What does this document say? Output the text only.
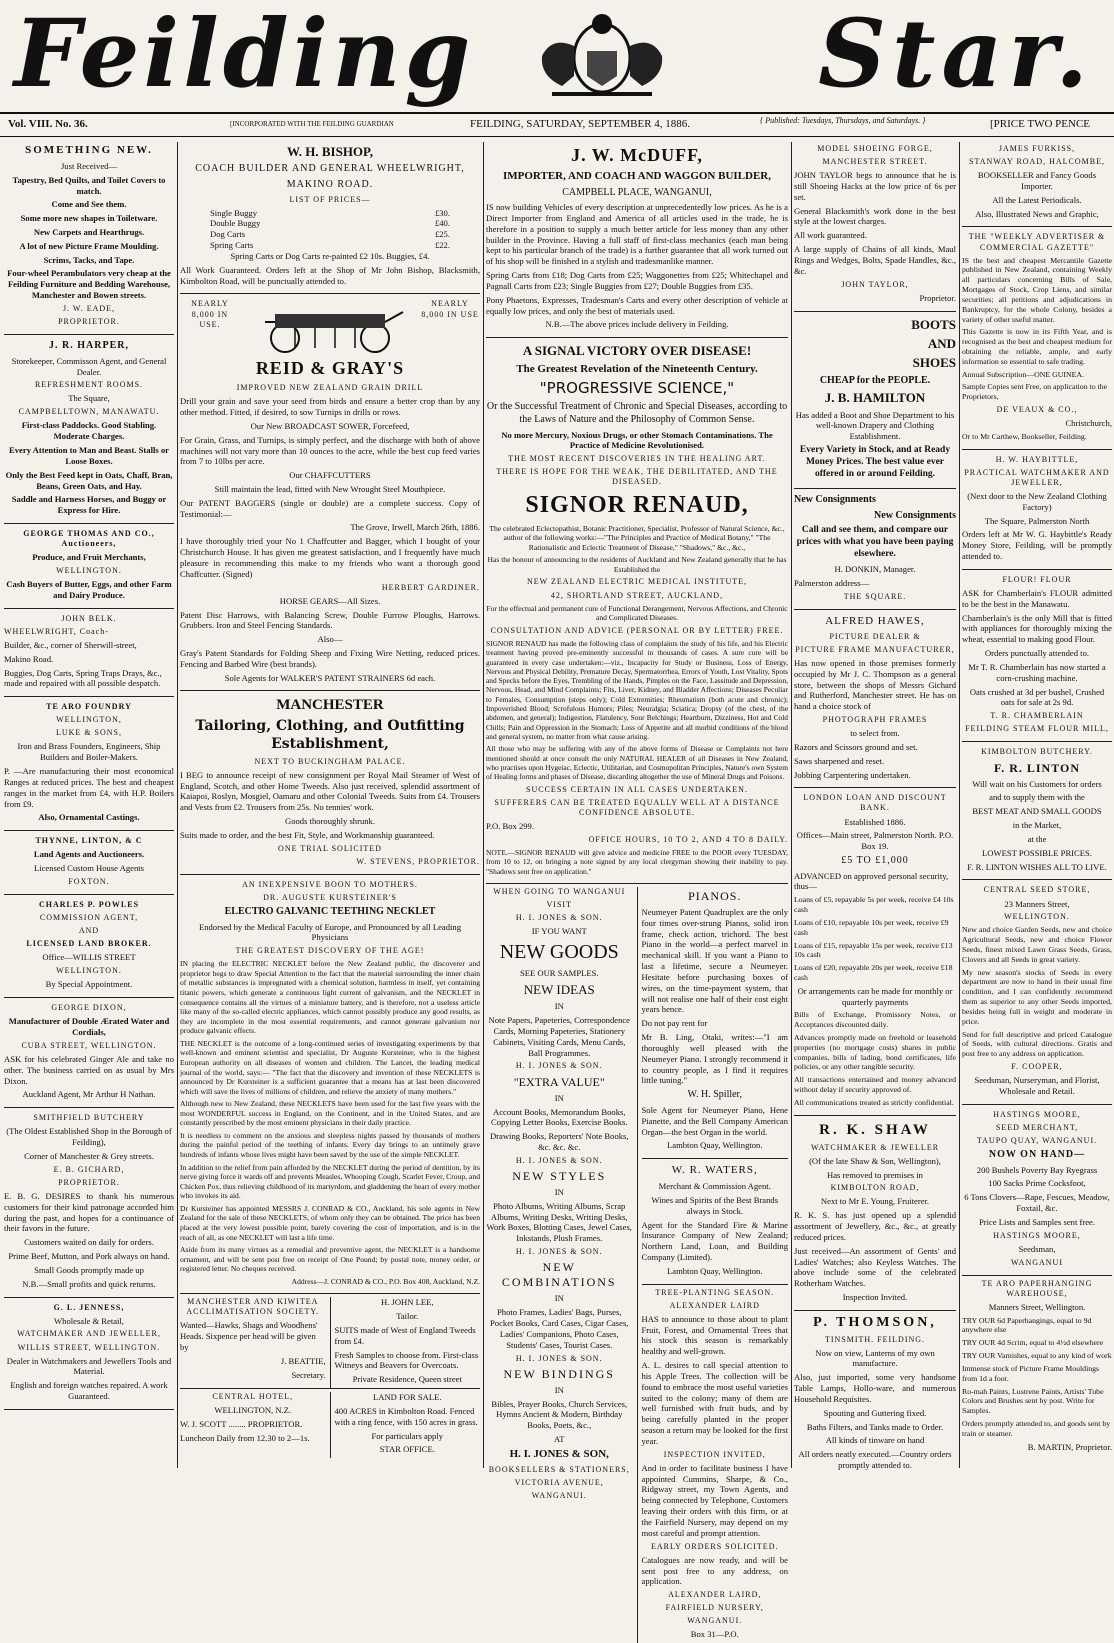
Feilding	Star.
Vol. VIII. No. 36.	[INCORPORATED WITH THE FEILDING GUARDIAN	FEILDING, SATURDAY, SEPTEMBER 4, 1886.	{ Published: Tuesdays, Thursdays, and Saturdays. }	[PRICE TWO PENCE

SOMETHING NEW.

Just Received—

Tapestry, Bed Quilts, and Toilet Covers to match.

Come and See them.

Some more new shapes in Toiletware.

New Carpets and Hearthrugs.

A lot of new Picture Frame Moulding.

Scrims, Tacks, and Tape.

Four-wheel Perambulators very cheap at the Feilding Furniture and Bedding Warehouse, Manchester and Bowen streets.

J. W. EADE,

PROPRIETOR.

J. R. HARPER,

Storekeeper, Commisson Agent, and General Dealer.

REFRESHMENT ROOMS.

The Square,

CAMPBELLTOWN, MANAWATU.

First-class Paddocks. Good Stabling. Moderate Charges.

Every Attention to Man and Beast. Stalls or Loose Boxes.

Only the Best Feed kept in Oats, Chaff, Bran, Beans, Green Oats, and Hay.

Saddle and Harness Horses, and Buggy or Express for Hire.

GEORGE THOMAS AND CO., Auctioneers,

Produce, and Fruit Merchants,

WELLINGTON.

Cash Buyers of Butter, Eggs, and other Farm and Dairy Produce.

JOHN BELK.

WHEELWRIGHT, Coach-

Builder, &c., corner of Sherwill-street,

Makino Road.

Buggies, Dog Carts, Spring Traps Drays, &c., made and repaired with all possible despatch.

TE ARO FOUNDRY

WELLINGTON,

LUKE & SONS,

Iron and Brass Founders, Engineers, Ship Builders and Boiler-Makers.

P. —Are manufacturing their most economical Ranges at reduced prices. The best and cheapest ranges in the market from £4, with H.P. Boilers from £9.

Also, Ornamental Castings.

THYNNE, LINTON, & C

Land Agents and Auctioneers.

Licensed Custom House Agents

FOXTON.

CHARLES P. POWLES

COMMISSION AGENT,

AND

LICENSED LAND BROKER.

Office—WILLIS STREET

WELLINGTON.

By Special Appointment.

GEORGE DIXON,

Manufacturer of Double Ærated Water and Cordials,

CUBA STREET, WELLINGTON.

ASK for his celebrated Ginger Ale and take no other. The business carried on as usual by Mrs Dixon.

Auckland Agent, Mr Arthur H Nathan.

SMITHFIELD BUTCHERY

(The Oldest Established Shop in the Borough of Feilding),

Corner of Manchester & Grey streets.

E. B. GICHARD,

PROPRIETOR.

E. B. G. DESIRES to thank his numerous customers for their kind patronage accorded him during the past, and hopes for a continuance of their favors in the future.

Customers waited on daily for orders.

Prime Beef, Mutton, and Pork always on hand.

Small Goods promptly made up

N.B.—Small profits and quick returns.

G. L. JENNESS,

Wholesale & Retail,

WATCHMAKER AND JEWELLER,

WILLIS STREET, WELLINGTON.

Dealer in Watchmakers and Jewellers Tools and Material.

English and foreign watches repaired. A work Guaranteed.

W. H. BISHOP,

COACH BUILDER AND GENERAL WHEELWRIGHT,

MAKINO ROAD.

LIST OF PRICES—

Single Buggy	£30.
Double Buggy	£40.
Dog Carts	£25.
Spring Carts	£22.

Spring Carts or Dog Carts re-painted £2 10s. Buggies, £4.

All Work Guaranteed. Orders left at the Shop of Mr John Bishop, Blacksmith, Kimbolton Road, will be punctually attended to.

NEARLY 8,000 IN USE.
NEARLY 8,000 IN USE

REID & GRAY'S

IMPROVED NEW ZEALAND GRAIN DRILL

Drill your grain and save your seed from birds and ensure a better crop than by any other method. Fitted, if desired, to sow Turnips in drills or rows.

Our New BROADCAST SOWER, Forcefeed,

For Grain, Grass, and Turnips, is simply perfect, and the discharge with both of above machines will not vary more than 10 ounces to the acre, while the best cup feed varies from 7 to 10lbs per acre.

Our CHAFFCUTTERS

Still maintain the lead, fitted with New Wrought Steel Mouthpiece.

Our PATENT BAGGERS (single or double) are a complete success. Copy of Testimonial:—

The Grove, Irwell, March 26th, 1886.

I have thoroughly tried your No 1 Chaffcutter and Bagger, which I bought of your Christchurch House. It has given me greatest satisfaction, and I frequently have much pleasure in recommending this make to my friends who want a thorough good Chaffcutter. (Signed)

HERBERT GARDINER.

HORSE GEARS—All Sizes.

Patent Disc Harrows, with Balancing Screw, Double Furrow Ploughs, Harrows. Grubbers. Iron and Steel Fencing Standards.

Also—

Gray's Patent Standards for Folding Sheep and Fixing Wire Netting, reduced prices. Fencing and Barbed Wire (best brands).

Sole Agents for WALKER'S PATENT STRAINERS 6d each.

MANCHESTER

Tailoring, Clothing, and Outfitting Establishment,

NEXT TO BUCKINGHAM PALACE.

I BEG to announce receipt of new consignment per Royal Mail Steamer of West of England, Scotch, and other Home Tweeds. Also just received, splendid assortment of Kaiapoi, Roslyn, Mosgiel, Oamaru and other Colonial Tweeds. Suits from £4. Trousers and Vests from £2. Trousers from 25s. No tennies' work.

Goods thoroughly shrunk.

Suits made to order, and the best Fit, Style, and Workmanship guaranteed.

ONE TRIAL SOLICITED

W. STEVENS, PROPRIETOR.

AN INEXPENSIVE BOON TO MOTHERS.

DR. AUGUSTE KURSTEINER'S

ELECTRO GALVANIC TEETHING NECKLET

Endorsed by the Medical Faculty of Europe, and Pronounced by all Leading Physicians

THE GREATEST DISCOVERY OF THE AGE!

IN placing the ELECTRIC NECKLET before the New Zealand public, the discoverer and proprietor begs to draw Special Attention to the fact that the material surrounding the inner chain of metallic substances is impregnated with a chemical solution, harmless in itself, yet containing titanic powers, which generate a continuous light current of galvanism, and the NECKLET in consequence contains all the virtues of a miniature battery, and is therefore, not a useless article like many of the so-called electric appliances, which cannot possibly produce any good results, as they are incomplete in the most essential requirements, and cannot generate galvanism nor produce galvanic effects.

THE NECKLET is the outcome of a long-continued series of investigating experiments by that well-known and eminent scientist and specialist, Dr Auguste Kursteiner, who is the highest European authority on all diseases of women and children. The Lancet, the leading medical journal of the world, says:— "The fact that the discovery and invention of these NECKLETS is announced by Dr Kursteiner is a sufficient guarantee that a means has at last been discovered which will save the lives of millions of children, and relieve the anxiety of many mothers."

Although new to New Zealand, these NECKLETS have been used for the last five years with the most WONDERFUL success in England, on the Continent, and in the United States, and are constantly prescribed by the most eminent physicians in their daily practice.

It is needless to comment on the anxious and sleepless nights passed by thousands of mothers during the painful period of the teething of infants. Every day brings to an untimely grave hundreds of infants whose lives might have been saved by the use of the simple NECKLET.

In addition to the relief from pain afforded by the NECKLET during the period of dentition, by its nerve giving force it wards off and prevents Measles, Whooping Cough, Scarlet Fever, Croup, and Chicken Pox, thus relieving childhood of its martyrdom, and gladdening the heart of every mother who invokes its aid.

Dr Kursteiner has appointed MESSRS J. CONRAD & CO., Auckland, his sole agents in New Zealand for the sale of these NECKLETS, of whom only they can be obtained. The price has been placed at the very lowest possible point, barely covering the cost of importation, and is in the reach of all, as one NECKLET will last a life time.

Aside from its many virtues as a remedial and preventive agent, the NECKLET is a handsome ornament, and will be sent post free on receipt of One Pound; by postal note, money order, or registered letter. No cheques received.

Address—J. CONRAD & CO., P.O. Box 408, Auckland, N.Z.

MANCHESTER AND KIWITEA ACCLIMATISATION SOCIETY.

Wanted—Hawks, Shags and Woodhens' Heads. Sixpence per head will be given by

J. BEATTIE,

Secretary.

H. JOHN LEE,

Tailor.

SUITS made of West of England Tweeds from £4.

Fresh Samples to choose from. First-class Witneys and Beavers for Overcoats.

Private Residence, Queen street

CENTRAL HOTEL,

WELLINGTON, N.Z.

W. J. SCOTT ........ PROPRIETOR.

Luncheon Daily from 12.30 to 2—1s.

LAND FOR SALE.

400 ACRES in Kimbolton Road. Fenced with a ring fence, with 150 acres in grass.

For particulars apply

STAR OFFICE.

J. W. McDUFF,

IMPORTER, AND COACH AND WAGGON BUILDER,

CAMPBELL PLACE, WANGANUI,

IS now building Vehicles of every description at unprecedentedly low prices. As he is a Direct Importer from England and America of all articles used in the trade, he is therefore in a position to supply a much better article for less money than any other builder in the Province. Having a full staff of first-class mechanics (each man being kept to his particular branch of the trade) is a further guarantee that all work turned out of his shop will be finished in a stylish and tradesmanlike manner.

Spring Carts from £18; Dog Carts from £25; Waggonettes from £25; Whitechapel and Pagnall Carts from £23; Single Buggies from £27; Double Buggies from £35.

Pony Phaetons, Expresses, Tradesman's Carts and every other description of vehicle at equally low prices, and only the best of materials used.

N.B.—The above prices include delivery in Feilding.

A SIGNAL VICTORY OVER DISEASE!

The Greatest Revelation of the Nineteenth Century.

"PROGRESSIVE SCIENCE,"

Or the Successful Treatment of Chronic and Special Diseases, according to the Laws of Nature and the Philosophy of Common Sense.

No more Mercury, Noxious Drugs, or other Stomach Contaminations. The Practice of Medicine Revolutionised.

THE MOST RECENT DISCOVERIES IN THE HEALING ART.

THERE IS HOPE FOR THE WEAK, THE DEBILITATED, AND THE DISEASED.

SIGNOR RENAUD,

The celebrated Eclectopathist, Botanic Practitioner, Specialist, Professor of Natural Science, &c., author of the following works:—"The Principles and Practice of Medical Botany," "The Rationalistic and Eclectic Treatment of Disease," "Shadows," &c., &c.,

Has the honour of announcing to the residents of Auckland and New Zealand generally that he has Established the

NEW ZEALAND ELECTRIC MEDICAL INSTITUTE,

42, SHORTLAND STREET, AUCKLAND,

For the effectual and permanent cure of Functional Derangement, Nervous Affections, and Chronic and Complicated Diseases.

CONSULTATION AND ADVICE (PERSONAL OR BY LETTER) FREE.

SIGNOR RENAUD has made the following class of complaints the study of his life, and his Electric treatment having proved pre-eminently successful in thousands of cases. A sure cure will be guaranteed in every case undertaken:—viz., Incapacity for Study or Business, Loss of Energy, Nervous and Physical Debility, Premature Decay, Spermatorrhea, Errors of Youth, Lost Vitality, Spots and Specks before the Eyes, Trembling of the Hands, Pimples on the Face, Lassitude and Depression, Nervous, Head, and Mind Complaints; Fits, Liver, Kidney, and Bladder Affections; Diseases Peculiar to Females, Consumption (steps only); Cold Extremities; Rheumatism (both acute and chronic); Impoverished Blood; Scrofulous Humors; Piles; Neuralgia; Sciatica; Dropsy (of the chest, of the abdomen, and general); Indigestion, Flatulency, Sour Belchings; Heartburn, Dizziness, Hot and Cold Chills; Pain and Oppression in the Stomach; Loss of Appetite and all morbid conditions of the blood and general system, no matter from what cause arising.

All those who may be suffering with any of the above forms of Disease or Complaints not here mentioned should at once consult the only NATURAL HEALER of all Diseases in New Zealand, who practises upon Hygeiac, Eclectic, Utilitarian, and Cosmopolitan Principles, Nature's own System of Healing forms and phases of Disease, discarding altogether the use of Mineral Drugs and Poisons.

SUCCESS CERTAIN IN ALL CASES UNDERTAKEN.

SUFFERERS CAN BE TREATED EQUALLY WELL AT A DISTANCE CONFIDENCE ABSOLUTE.

P.O. Box 299.

OFFICE HOURS, 10 TO 2, AND 4 TO 8 DAILY.

NOTE.—SIGNOR RENAUD will give advice and medicine FREE to the POOR every TUESDAY, from 10 to 12, on bringing a note signed by any local clergyman showing their inability to pay. "Shadows sent free on application."

WHEN GOING TO WANGANUI

VISIT

H. I. JONES & SON.

IF YOU WANT

NEW GOODS

SEE OUR SAMPLES.

NEW IDEAS

IN

Note Papers, Papeteries, Correspondence Cards, Morning Papeteries, Stationery Cabinets, Visiting Cards, Menu Cards, Ball Programmes.

H. I. JONES & SON.

"EXTRA VALUE"

IN

Account Books, Memorandum Books, Copying Letter Books, Exercise Books.

Drawing Books, Reporters' Note Books, &c. &c. &c.

H. I. JONES & SON.

NEW STYLES

IN

Photo Albums, Writing Albums, Scrap Albums, Writing Desks, Writing Desks, Work Boxes, Blotting Cases, Jewel Cases, Inkstands, Plush Frames.

H. I. JONES & SON.

NEW COMBINATIONS

IN

Photo Frames, Ladies' Bags, Purses, Pocket Books, Card Cases, Cigar Cases, Ladies' Companions, Photo Cases, Students' Cases, Tourist Cases.

H. I. JONES & SON.

NEW BINDINGS

IN

Bibles, Prayer Books, Church Services, Hymns Ancient & Modern, Birthday Books, Poets, &c.,

AT

H. I. JONES & SON,

BOOKSELLERS & STATIONERS,

VICTORIA AVENUE,

WANGANUI.

PIANOS.

Neumeyer Patent Quadruplex are the only four times over-strung Pianos, solid iron frame, check action, trichord. The best Piano in the world—a perfect marvel in mechanical skill. If you want a Piano to last a lifetime, secure a Neumeyer. Hesitate before purchasing boxes of wires, on the time-payment system, that will not realise one half of their cost eight years hence.

Do not pay rent for

Mr B. Ling, Otaki, writes:—"I am thoroughly well pleased with the Neumeyer Piano. I strongly recommend it to country people, as I find it requires little tuning."

W. H. Spiller,

Sole Agent for Neumeyer Piano, Hene Pianette, and the Bell Company American Organ—the best Organ in the world.

Lambton Quay, Wellington.

W. R. WATERS,

Merchant & Commission Agent.

Wines and Spirits of the Best Brands always in Stock.

Agent for the Standard Fire & Marine Insurance Company of New Zealand; Northern Land, Loan, and Building Company (Limited).

Lambton Quay, Wellington.

TREE-PLANTING SEASON.

ALEXANDER LAIRD

HAS to announce to those about to plant Fruit, Forest, and Ornamental Trees that his stock this season is remarkably healthy and well-grown.

A. L. desires to call special attention to his Apple Trees. The collection will be found to embrace the most useful varieties suited to the colony; many of them are well furnished with fruit buds, and by being carefully planted in the proper season a return may be looked for the first year.

INSPECTION INVITED,

And in order to facilitate business I have appointed Cummins, Sharpe, & Co., Ridgway street, my Town Agents, and being connected by Telephone, Customers leaving their orders with this firm, or at the Fairfield Nursery, may depend on my most careful and prompt attention.

EARLY ORDERS SOLICITED.

Catalogues are now ready, and will be sent post free to any address, on application.

ALEXANDER LAIRD,

FAIRFIELD NURSERY,

WANGANUI.

Box 31—P.O.

MODEL SHOEING FORGE,

MANCHESTER STREET.

JOHN TAYLOR begs to announce that he is still Shoeing Hacks at the low price of 6s per set.

General Blacksmith's work done in the best style at the lowest charges.

All work guaranteed.

A large supply of Chains of all kinds, Maul Rings and Wedges, Bolts, Spade Handles, &c., &c.

JOHN TAYLOR,

Proprietor.

BOOTS

AND

SHOES

CHEAP for the PEOPLE.

J. B. HAMILTON

Has added a Boot and Shoe Department to his well-known Drapery and Clothing Establishment.

Every Variety in Stock, and at Ready Money Prices. The best value ever offered in or around Feilding.

New Consignments

New Consignments

Call and see them, and compare our prices with what you have been paying elsewhere.

H. DONKIN, Manager.

Palmerston address—

THE SQUARE.

ALFRED HAWES,

PICTURE DEALER &

PICTURE FRAME MANUFACTURER,

Has now opened in those premises formerly occupied by Mr J. C. Thompson as a general store, between the shops of Messrs Gichard and Rutherford, Manchester street. He has on hand a choice stock of

PHOTOGRAPH FRAMES

to select from.

Razors and Scissors ground and set.

Saws sharpened and reset.

Jobbing Carpentering undertaken.

LONDON LOAN AND DISCOUNT BANK.

Established 1886.

Offices—Main street, Palmerston North. P.O. Box 19.

£5 TO £1,000

ADVANCED on approved personal security, thus—

Loans of £5, repayable 5s per week, receive £4 10s cash

Loans of £10, repayable 10s per week, receive £9 cash

Loans of £15, repayable 15s per week, receive £13 10s cash

Loans of £20, repayable 20s per week, receive £18 cash

Or arrangements can be made for monthly or quarterly payments

Bills of Exchange, Promissory Notes, or Acceptances discounted daily.

Advances promptly made on freehold or leasehold properties (no mortgage costs) shares in public companies, bills of lading, bond certificates, life policies, or any other tangible security.

All transactions entertained and money advanced without delay if security approved of.

All communications treated as strictly confidential.

R. K. SHAW

WATCHMAKER & JEWELLER

(Of the late Shaw & Son, Wellington),

Has removed to premises in

KIMBOLTON ROAD,

Next to Mr E. Young, Fruiterer.

R. K. S. has just opened up a splendid assortment of Jewellery, &c., &c., at greatly reduced prices.

Just received—An assortment of Gents' and Ladies' Watches; also Keyless Watches. The above include some of the celebrated Rotherham Watches.

Inspection Invited.

P. THOMSON,

TINSMITH. FEILDING.

Now on view, Lanterns of my own manufacture.

Also, just imported, some very handsome Table Lamps, Hollo-ware, and numerous Household Requisites.

Spouting and Guttering fixed.

Baths Filters, and Tanks made to Order.

All kinds of tinware on hand

All orders neatly executed.—Country orders promptly attended to.

JAMES FURKISS,

STANWAY ROAD, HALCOMBE,

BOOKSELLER and Fancy Goods Importer.

All the Latest Periodicals.

Also, Illustrated News and Graphic,

THE "WEEKLY ADVERTISER & COMMERCIAL GAZETTE"

IS the best and cheapest Mercantile Gazette published in New Zealand, containing Weekly all particulars concerning Bills of Sale, Mortgages of Stock, Crop Liens, and similar securities; all petitions and adjudications in Bankruptcy, for the whole Colony, besides a variety of other useful matter.

This Gazette is now in its Fifth Year, and is recognised as the best and cheapest medium for obtaining the reliable, ample, and early information so essential to safe trading.

Annual Subscription—ONE GUINEA.

Sample Copies sent Free, on application to the Proprietors,

DE VEAUX & CO.,

Christchurch,

Or to Mr Carthew, Bookseller, Feilding.

H. W. HAYBITTLE,

PRACTICAL WATCHMAKER AND JEWELLER,

(Next door to the New Zealand Clothing Factory)

The Square, Palmerston North

Orders left at Mr W. G. Haybittle's Ready Money Store, Feilding, will be promptly attended to.

FLOUR! FLOUR

ASK for Chamberlain's FLOUR admitted to be the best in the Manawatu.

Chamberlain's is the only Mill that is fitted with appliances for thoroughly mixing the wheat, essential to making good Flour.

Orders punctually attended to.

Mr T. R. Chamberlain has now started a corn-crushing machine.

Oats crushed at 3d per bushel, Crushed oats for sale at 2s 9d.

T. R. CHAMBERLAIN

FEILDING STEAM FLOUR MILL,

KIMBOLTON BUTCHERY.

F. R. LINTON

Will wait on his Customers for orders

and to supply them with the

BEST MEAT AND SMALL GOODS

in the Market,

at the

LOWEST POSSIBLE PRICES.

F. R. LINTON WISHES ALL TO LIVE.

CENTRAL SEED STORE,

23 Manners Street,

WELLINGTON.

New and choice Garden Seeds, new and choice Agricultural Seeds, new and choice Flower Seeds, finest mixed Lawn Grass Seeds, Grass, Clovers and all Seeds in great variety.

My new season's stocks of Seeds in every department are now to hand in their usual fine condition, and I can confidently recommend them as superior to any other Seeds imported, besides being full in weight and moderate in price.

Send for full descriptive and priced Catalogue of Seeds, with cultural directions. Gratis and post free to any address on application.

F. COOPER,

Seedsman, Nurseryman, and Florist, Wholesale and Retail.

HASTINGS MOORE,

SEED MERCHANT,

TAUPO QUAY, WANGANUI.

NOW ON HAND—

200 Bushels Poverty Bay Ryegrass

100 Sacks Prime Cocksfoot,

6 Tons Clovers—Rape, Fescues, Meadow, Foxtail, &c.

Price Lists and Samples sent free.

HASTINGS MOORE,

Seedsman,

WANGANUI

TE ARO PAPERHANGING WAREHOUSE,

Manners Street, Wellington.

TRY OUR 6d Paperhangings, equal to 9d anywhere else

TRY OUR 4d Scrim, equal to 4½d elsewhere

TRY OUR Varnishes, equal to any kind of work

Immense stock of Picture Frame Mouldings from 1d a foot.

Ro-mah Paints, Lustrene Paints, Artists' Tube Colors and Brushes sent by post. Write for Samples.

Orders promptly attended to, and goods sent by train or steamer.

B. MARTIN, Proprietor.
